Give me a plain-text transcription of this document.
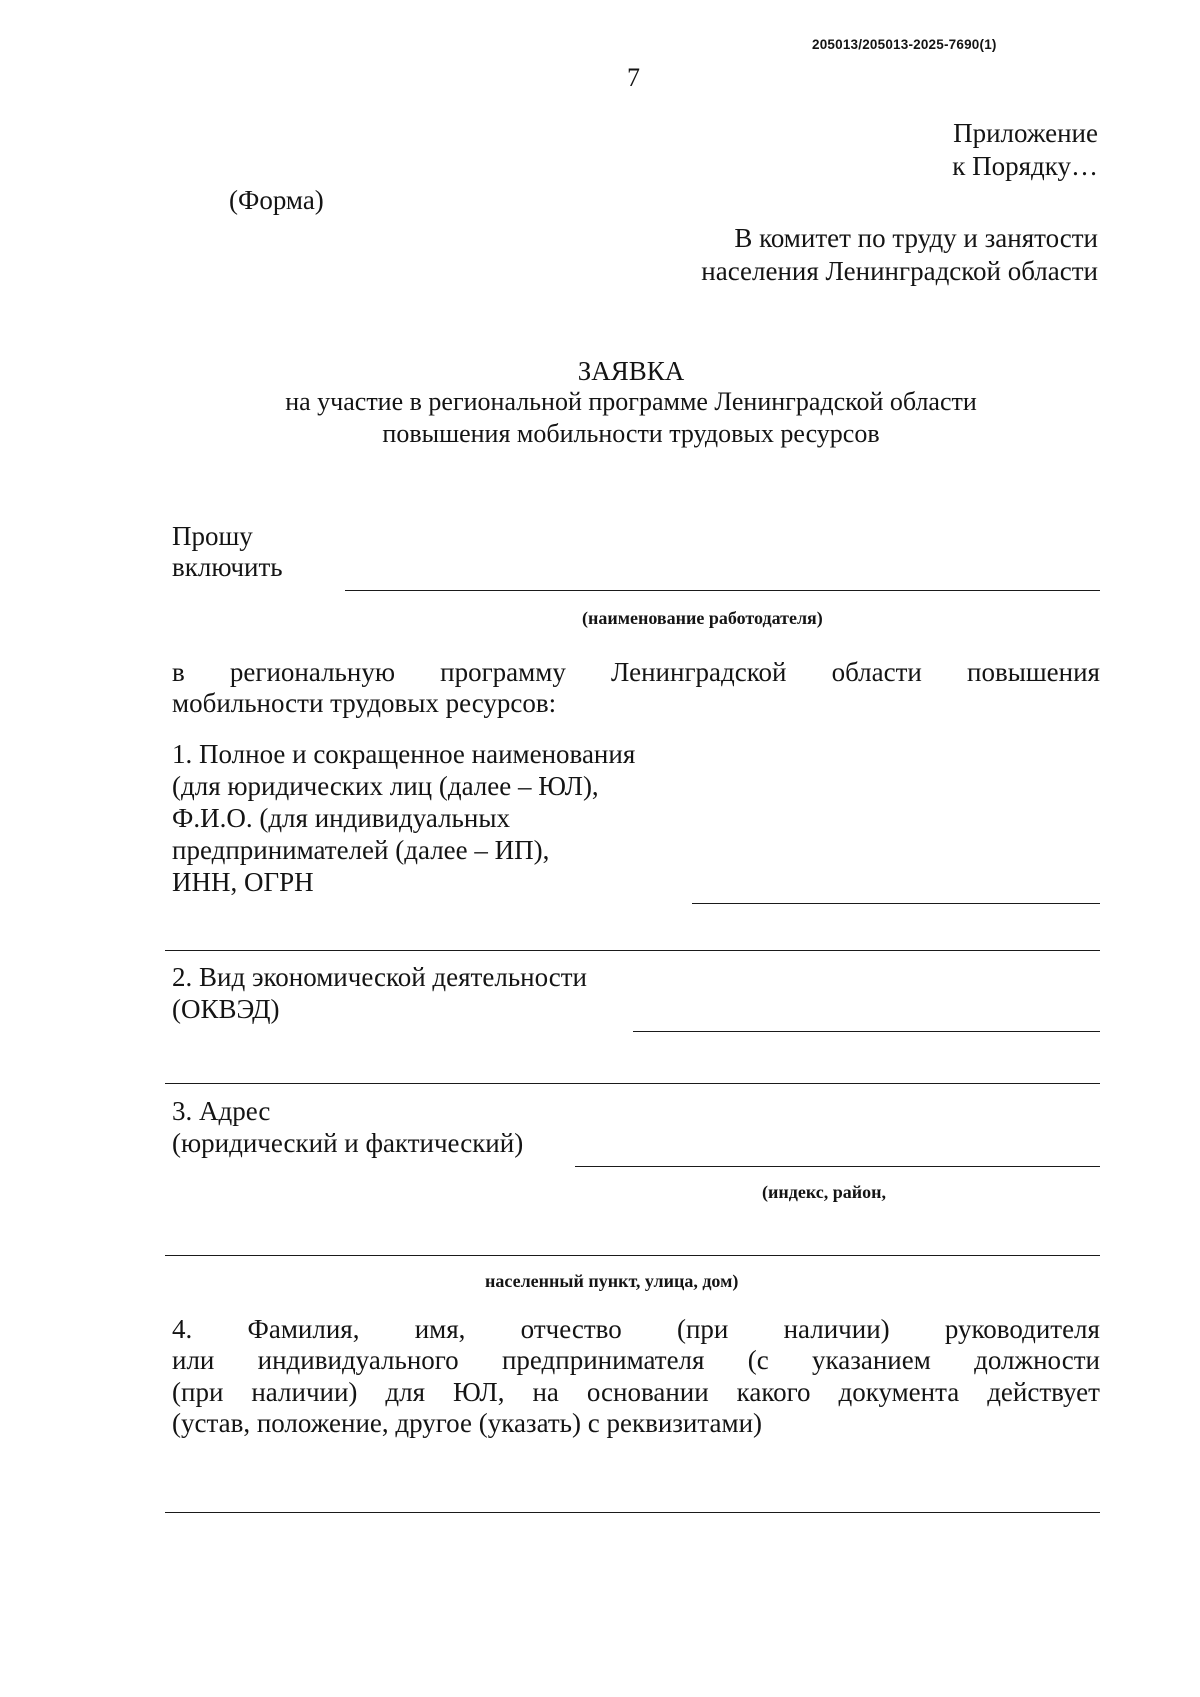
205013/205013-2025-7690(1)
7
Приложение
к Порядку…
(Форма)
В комитет по труду и занятости
населения Ленинградской области
ЗАЯВКА
на участие в региональной программе Ленинградской области
повышения мобильности трудовых ресурсов
Прошу
включить
(наименование работодателя)
в региональную программу Ленинградской области повышения
мобильности трудовых ресурсов:
1. Полное и сокращенное наименования
(для юридических лиц (далее – ЮЛ),
Ф.И.О. (для индивидуальных
предпринимателей (далее – ИП),
ИНН, ОГРН
2. Вид экономической деятельности
(ОКВЭД)
3. Адрес
(юридический и фактический)
(индекс, район,
населенный пункт, улица, дом)
4. Фамилия, имя, отчество (при наличии) руководителя
или индивидуального предпринимателя (с указанием должности
(при наличии) для ЮЛ, на основании какого документа действует
(устав, положение, другое (указать) с реквизитами)
